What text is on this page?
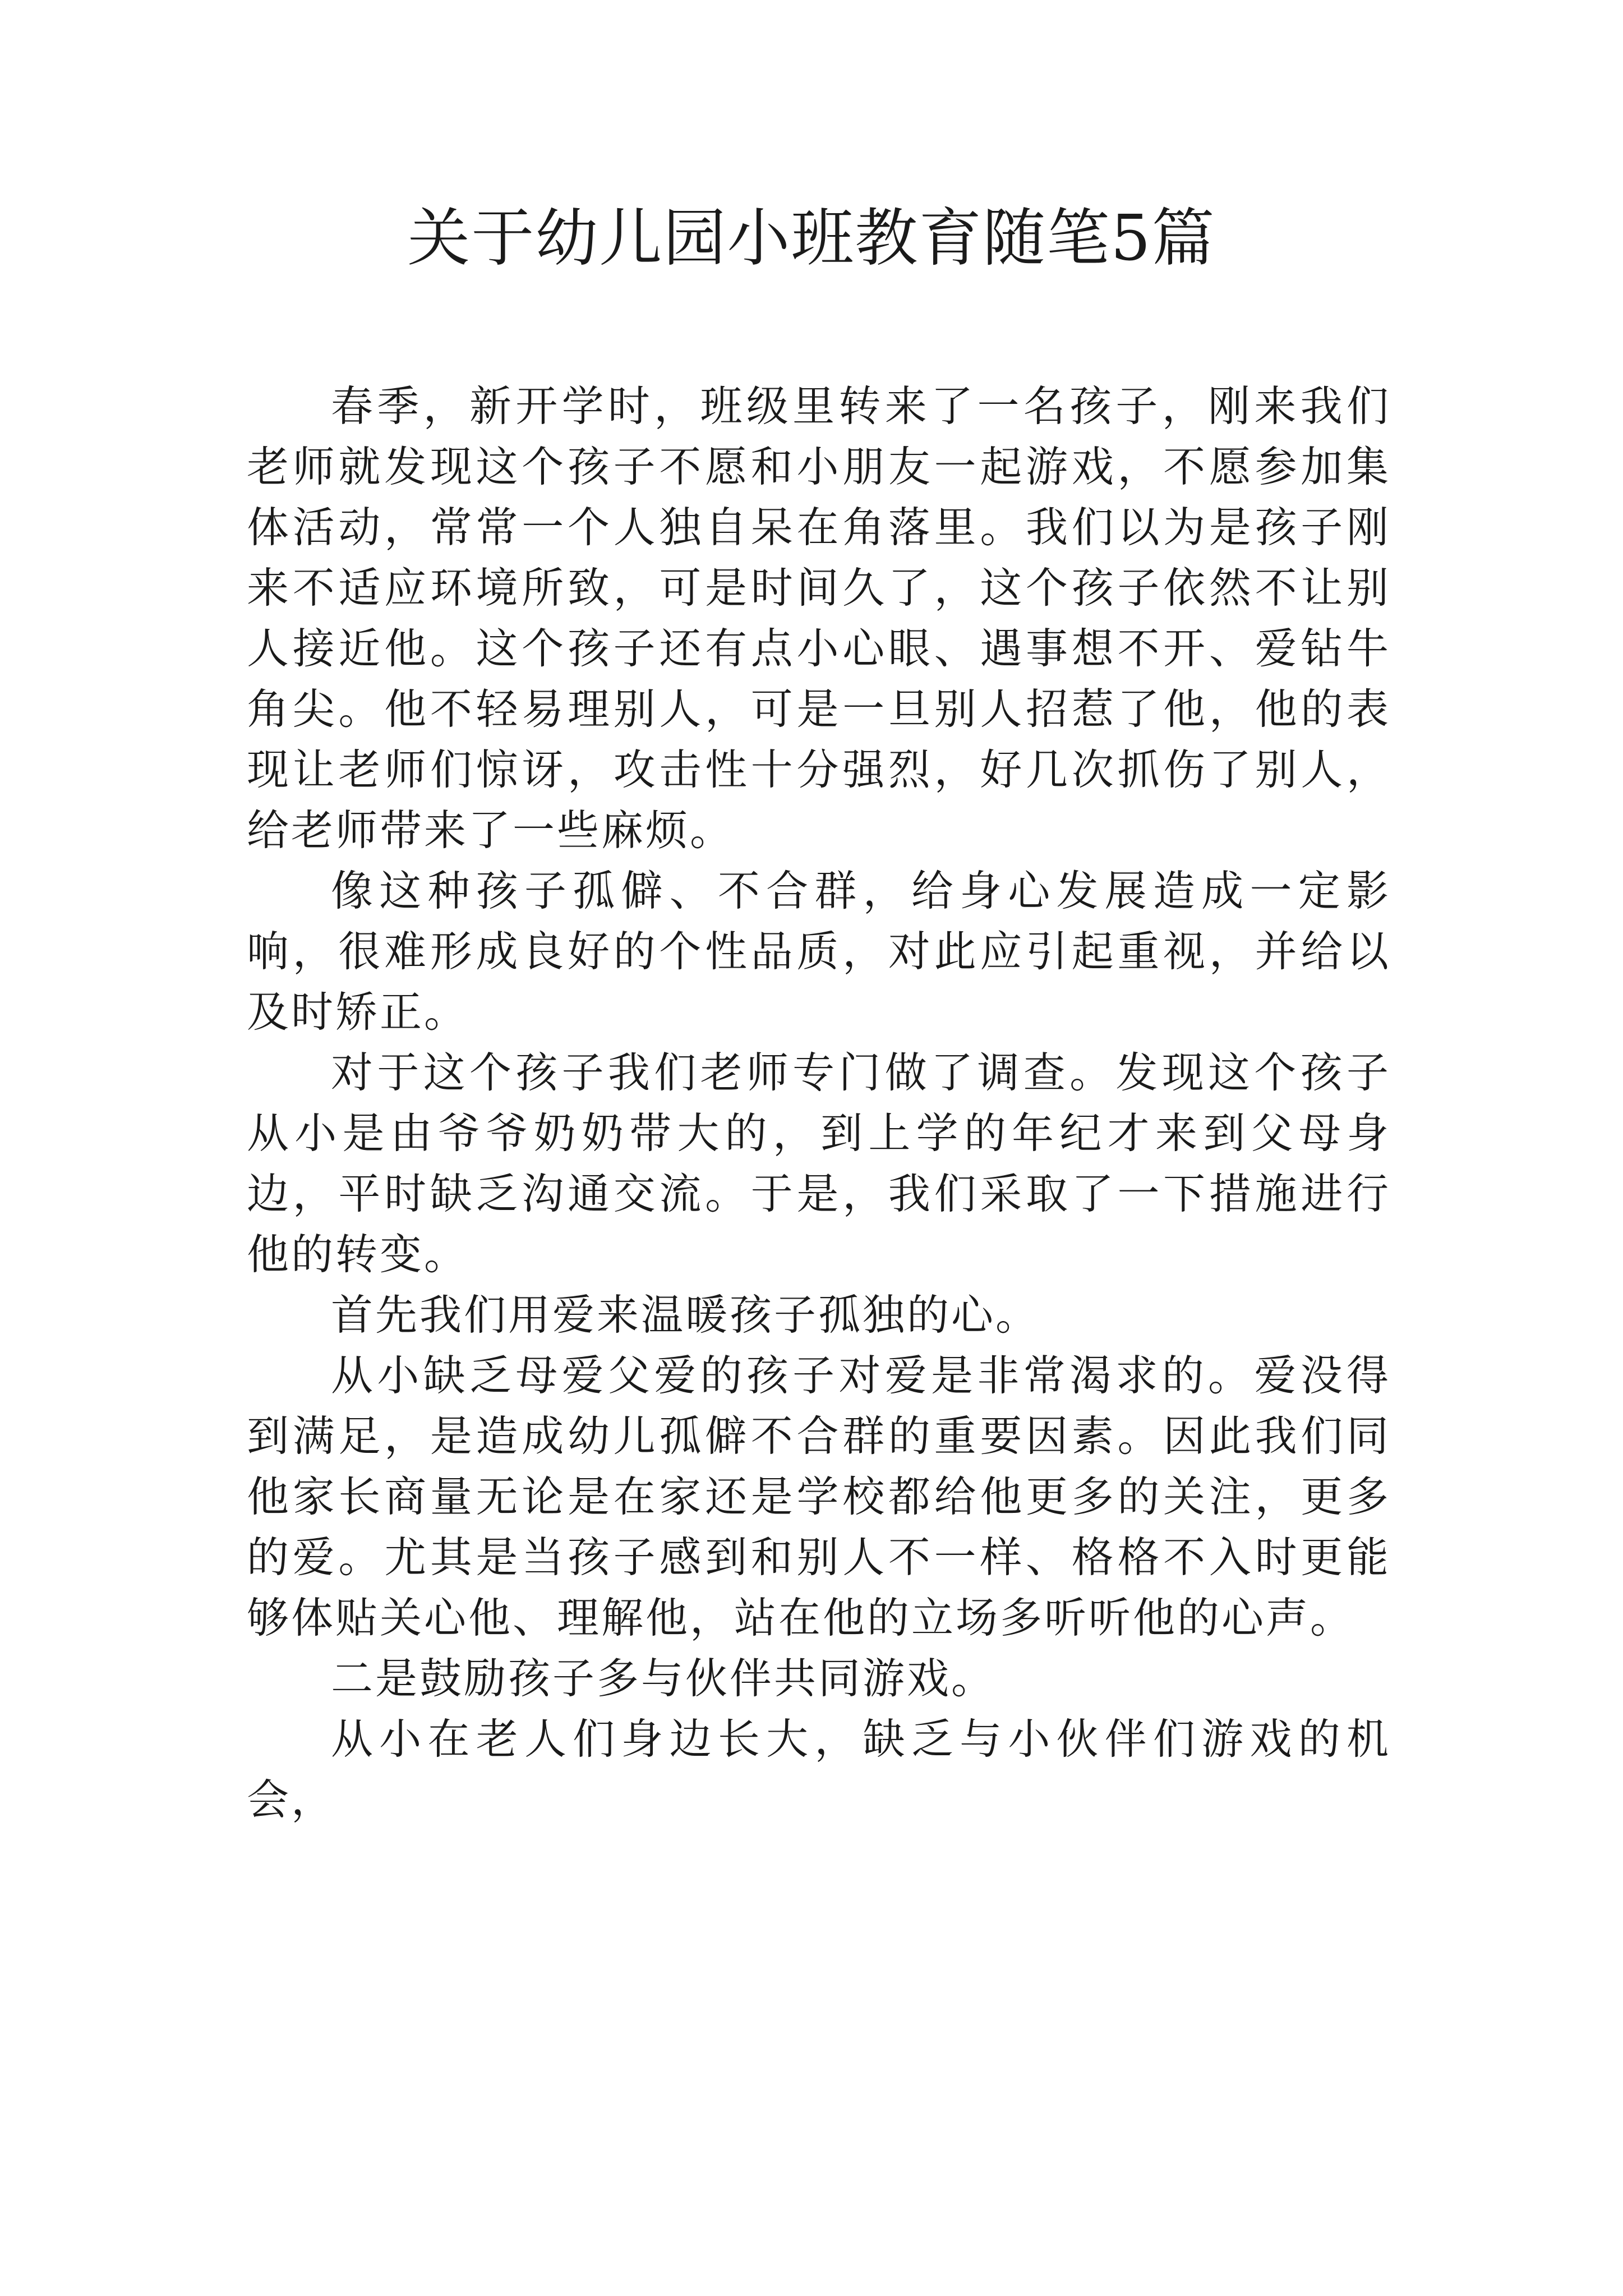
关于幼儿园小班教育随笔5篇

春季，新开学时，班级里转来了一名孩子，刚来我们老师就发现这个孩子不愿和小朋友一起游戏，不愿参加集体活动，常常一个人独自呆在角落里。我们以为是孩子刚来不适应环境所致，可是时间久了，这个孩子依然不让别人接近他。这个孩子还有点小心眼、遇事想不开、爱钻牛角尖。他不轻易理别人，可是一旦别人招惹了他，他的表现让老师们惊讶，攻击性十分强烈，好几次抓伤了别人，给老师带来了一些麻烦。

像这种孩子孤僻、不合群，给身心发展造成一定影响，很难形成良好的个性品质，对此应引起重视，并给以及时矫正。

对于这个孩子我们老师专门做了调查。发现这个孩子从小是由爷爷奶奶带大的，到上学的年纪才来到父母身边，平时缺乏沟通交流。于是，我们采取了一下措施进行他的转变。

首先我们用爱来温暖孩子孤独的心。

从小缺乏母爱父爱的孩子对爱是非常渴求的。爱没得到满足，是造成幼儿孤僻不合群的重要因素。因此我们同他家长商量无论是在家还是学校都给他更多的关注，更多的爱。尤其是当孩子感到和别人不一样、格格不入时更能够体贴关心他、理解他，站在他的立场多听听他的心声。

二是鼓励孩子多与伙伴共同游戏。

从小在老人们身边长大，缺乏与小伙伴们游戏的机会，
